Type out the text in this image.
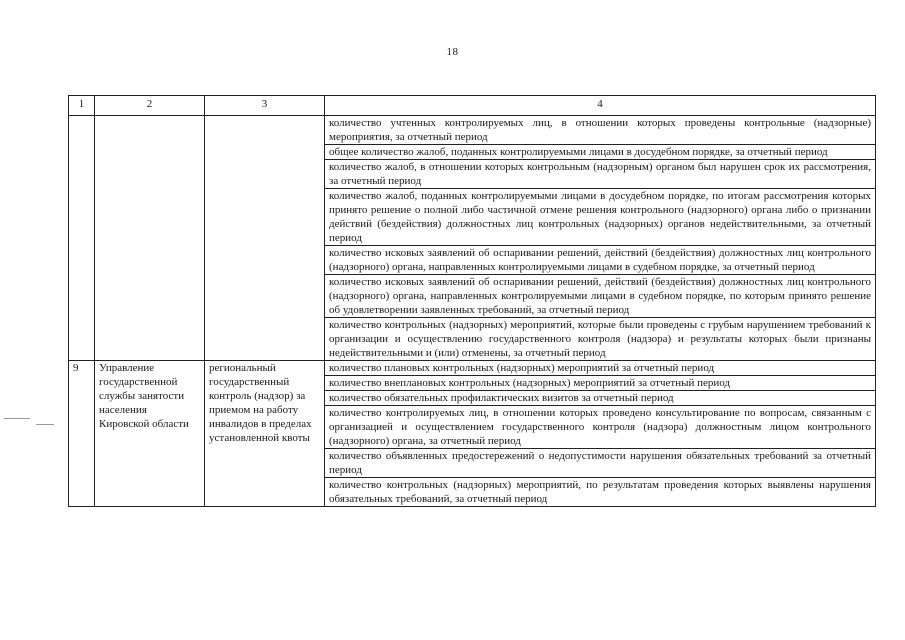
18
1	2	3	4
			количество учтенных контролируемых лиц, в отношении которых проведены контрольные (надзорные) мероприятия, за отчетный период
			общее количество жалоб, поданных контролируемыми лицами в досудебном порядке, за отчетный период
			количество жалоб, в отношении которых контрольным (надзорным) органом был нарушен срок их рассмотрения, за отчетный период
			количество жалоб, поданных контролируемыми лицами в досудебном порядке, по итогам рассмотрения которых принято решение о полной либо частичной отмене решения контрольного (надзорного) органа либо о признании действий (бездействия) должностных лиц контрольных (надзорных) органов недействительными, за отчетный период
			количество исковых заявлений об оспаривании решений, действий (бездействия) должностных лиц контрольного (надзорного) органа, направленных контролируемыми лицами в судебном порядке, за отчетный период
			количество исковых заявлений об оспаривании решений, действий (бездействия) должностных лиц контрольного (надзорного) органа, направленных контролируемыми лицами в судебном порядке, по которым принято решение об удовлетворении заявленных требований, за отчетный период
			количество контрольных (надзорных) мероприятий, которые были проведены с грубым нарушением требований к организации и осуществлению государственного контроля (надзора) и результаты которых были признаны недействительными и (или) отменены, за отчетный период
9	Управление государственной службы занятости населения Кировской области	региональный государственный контроль (надзор) за приемом на работу инвалидов в пределах установленной квоты	количество плановых контрольных (надзорных) мероприятий за отчетный период
			количество внеплановых контрольных (надзорных) мероприятий за отчетный период
			количество обязательных профилактических визитов за отчетный период
			количество контролируемых лиц, в отношении которых проведено консультирование по вопросам, связанным с организацией и осуществлением государственного контроля (надзора) должностным лицом контрольного (надзорного) органа, за отчетный период
			количество объявленных предостережений о недопустимости нарушения обязательных требований за отчетный период
			количество контрольных (надзорных) мероприятий, по результатам проведения которых выявлены нарушения обязательных требований, за отчетный период
